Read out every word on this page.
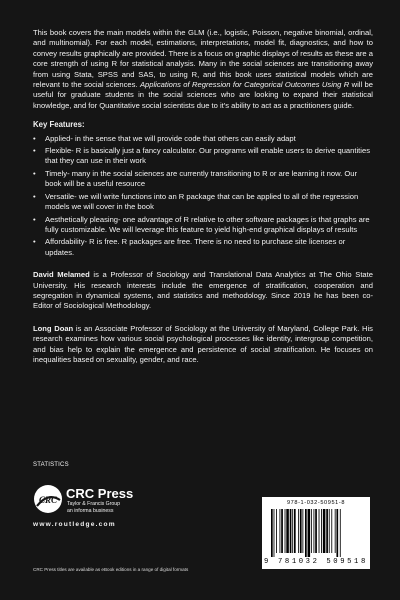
This book covers the main models within the GLM (i.e., logistic, Poisson, negative binomial, ordinal, and multinomial). For each model, estimations, interpretations, model fit, diagnostics, and how to convey results graphically are provided. There is a focus on graphic displays of results as these are a core strength of using R for statistical analysis. Many in the social sciences are transitioning away from using Stata, SPSS and SAS, to using R, and this book uses statistical models which are relevant to the social sciences. Applications of Regression for Categorical Outcomes Using R will be useful for graduate students in the social sciences who are looking to expand their statistical knowledge, and for Quantitative social scientists due to it's ability to act as a practitioners guide.

Key Features:
• Applied- in the sense that we will provide code that others can easily adapt
• Flexible- R is basically just a fancy calculator. Our programs will enable users to derive quantities that they can use in their work
• Timely- many in the social sciences are currently transitioning to R or are learning it now. Our book will be a useful resource
• Versatile- we will write functions into an R package that can be applied to all of the regression models we will cover in the book
• Aesthetically pleasing- one advantage of R relative to other software packages is that graphs are fully customizable. We will leverage this feature to yield high-end graphical displays of results
• Affordability- R is free. R packages are free. There is no need to purchase site licenses or updates.

David Melamed is a Professor of Sociology and Translational Data Analytics at The Ohio State University. His research interests include the emergence of stratification, cooperation and segregation in dynamical systems, and statistics and methodology. Since 2019 he has been co-Editor of Sociological Methodology.

Long Doan is an Associate Professor of Sociology at the University of Maryland, College Park. His research examines how various social psychological processes like identity, intergroup competition, and bias help to explain the emergence and persistence of social stratification. He focuses on inequalities based on sexuality, gender, and race.

STATISTICS
CRC CRC Press
Taylor & Francis Group
an informa business
www.routledge.com
CRC Press titles are available as eBook editions in a range of digital formats
978-1-032-50951-8
9 781032 509518
